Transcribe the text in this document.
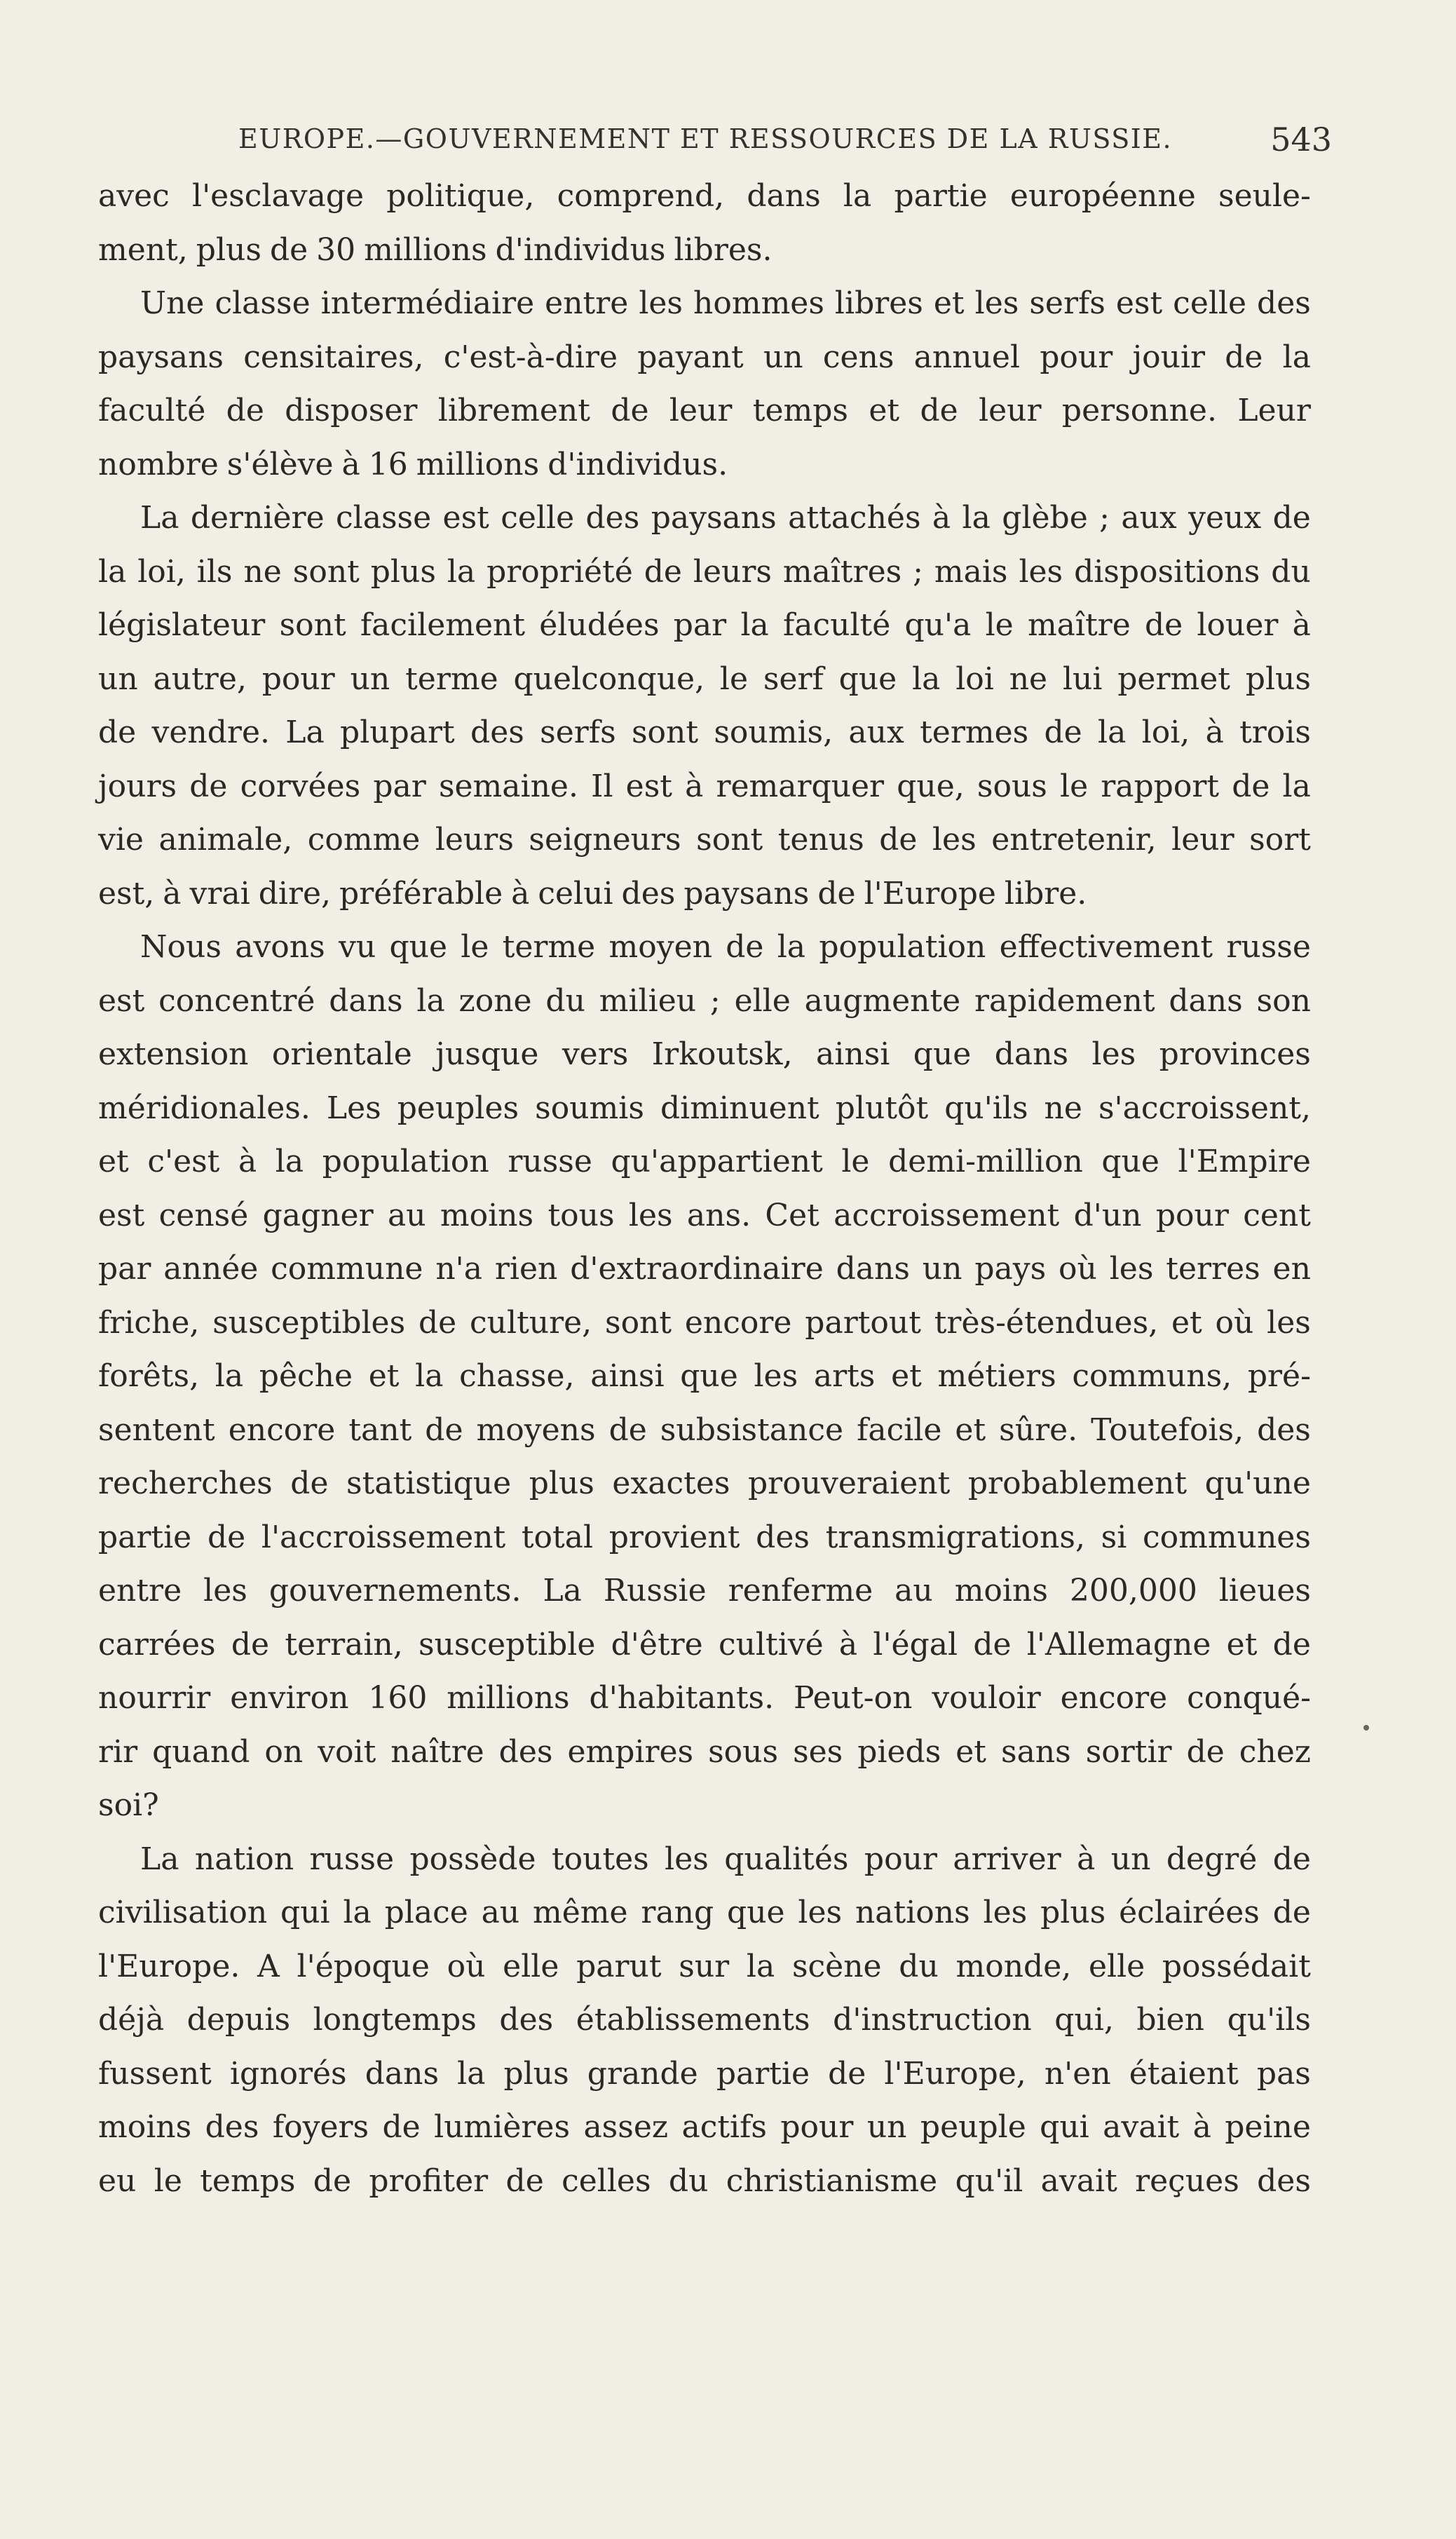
EUROPE.—GOUVERNEMENT ET RESSOURCES DE LA RUSSIE.	543
avec l'esclavage politique, comprend, dans la partie européenne seule-
ment, plus de 30 millions d'individus libres.
Une classe intermédiaire entre les hommes libres et les serfs est celle des
paysans censitaires, c'est-à-dire payant un cens annuel pour jouir de la
faculté de disposer librement de leur temps et de leur personne. Leur
nombre s'élève à 16 millions d'individus.
La dernière classe est celle des paysans attachés à la glèbe ; aux yeux de
la loi, ils ne sont plus la propriété de leurs maîtres ; mais les dispositions du
législateur sont facilement éludées par la faculté qu'a le maître de louer à
un autre, pour un terme quelconque, le serf que la loi ne lui permet plus
de vendre. La plupart des serfs sont soumis, aux termes de la loi, à trois
jours de corvées par semaine. Il est à remarquer que, sous le rapport de la
vie animale, comme leurs seigneurs sont tenus de les entretenir, leur sort
est, à vrai dire, préférable à celui des paysans de l'Europe libre.
Nous avons vu que le terme moyen de la population effectivement russe
est concentré dans la zone du milieu ; elle augmente rapidement dans son
extension orientale jusque vers Irkoutsk, ainsi que dans les provinces
méridionales. Les peuples soumis diminuent plutôt qu'ils ne s'accroissent,
et c'est à la population russe qu'appartient le demi-million que l'Empire
est censé gagner au moins tous les ans. Cet accroissement d'un pour cent
par année commune n'a rien d'extraordinaire dans un pays où les terres en
friche, susceptibles de culture, sont encore partout très-étendues, et où les
forêts, la pêche et la chasse, ainsi que les arts et métiers communs, pré-
sentent encore tant de moyens de subsistance facile et sûre. Toutefois, des
recherches de statistique plus exactes prouveraient probablement qu'une
partie de l'accroissement total provient des transmigrations, si communes
entre les gouvernements. La Russie renferme au moins 200,000 lieues
carrées de terrain, susceptible d'être cultivé à l'égal de l'Allemagne et de
nourrir environ 160 millions d'habitants. Peut-on vouloir encore conqué-
rir quand on voit naître des empires sous ses pieds et sans sortir de chez
soi?
La nation russe possède toutes les qualités pour arriver à un degré de
civilisation qui la place au même rang que les nations les plus éclairées de
l'Europe. A l'époque où elle parut sur la scène du monde, elle possédait
déjà depuis longtemps des établissements d'instruction qui, bien qu'ils
fussent ignorés dans la plus grande partie de l'Europe, n'en étaient pas
moins des foyers de lumières assez actifs pour un peuple qui avait à peine
eu le temps de profiter de celles du christianisme qu'il avait reçues des
